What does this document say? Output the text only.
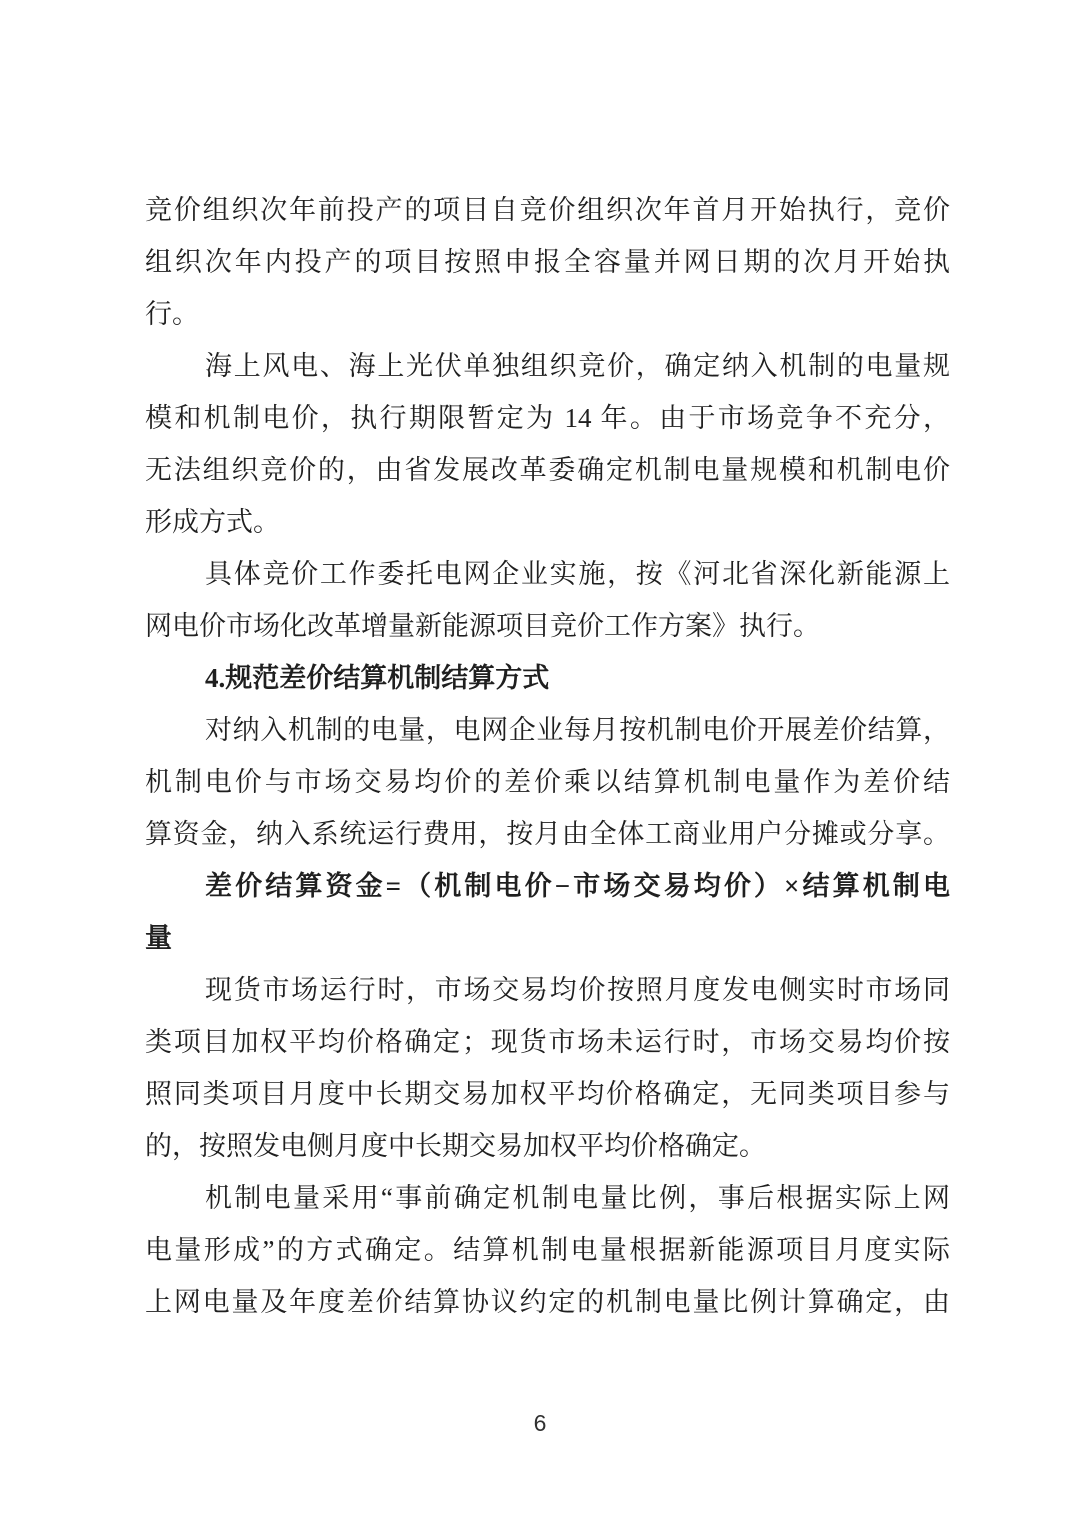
竞价组织次年前投产的项目自竞价组织次年首月开始执行，竞价
组织次年内投产的项目按照申报全容量并网日期的次月开始执
行。
海上风电、海上光伏单独组织竞价，确定纳入机制的电量规
模和机制电价，执行期限暂定为 14 年。由于市场竞争不充分，
无法组织竞价的，由省发展改革委确定机制电量规模和机制电价
形成方式。
具体竞价工作委托电网企业实施，按《河北省深化新能源上
网电价市场化改革增量新能源项目竞价工作方案》执行。
4.规范差价结算机制结算方式
对纳入机制的电量，电网企业每月按机制电价开展差价结算，
机制电价与市场交易均价的差价乘以结算机制电量作为差价结
算资金，纳入系统运行费用，按月由全体工商业用户分摊或分享。
差价结算资金=（机制电价−市场交易均价）×结算机制电
量
现货市场运行时，市场交易均价按照月度发电侧实时市场同
类项目加权平均价格确定；现货市场未运行时，市场交易均价按
照同类项目月度中长期交易加权平均价格确定，无同类项目参与
的，按照发电侧月度中长期交易加权平均价格确定。
机制电量采用“事前确定机制电量比例，事后根据实际上网
电量形成”的方式确定。结算机制电量根据新能源项目月度实际
上网电量及年度差价结算协议约定的机制电量比例计算确定，由
6
